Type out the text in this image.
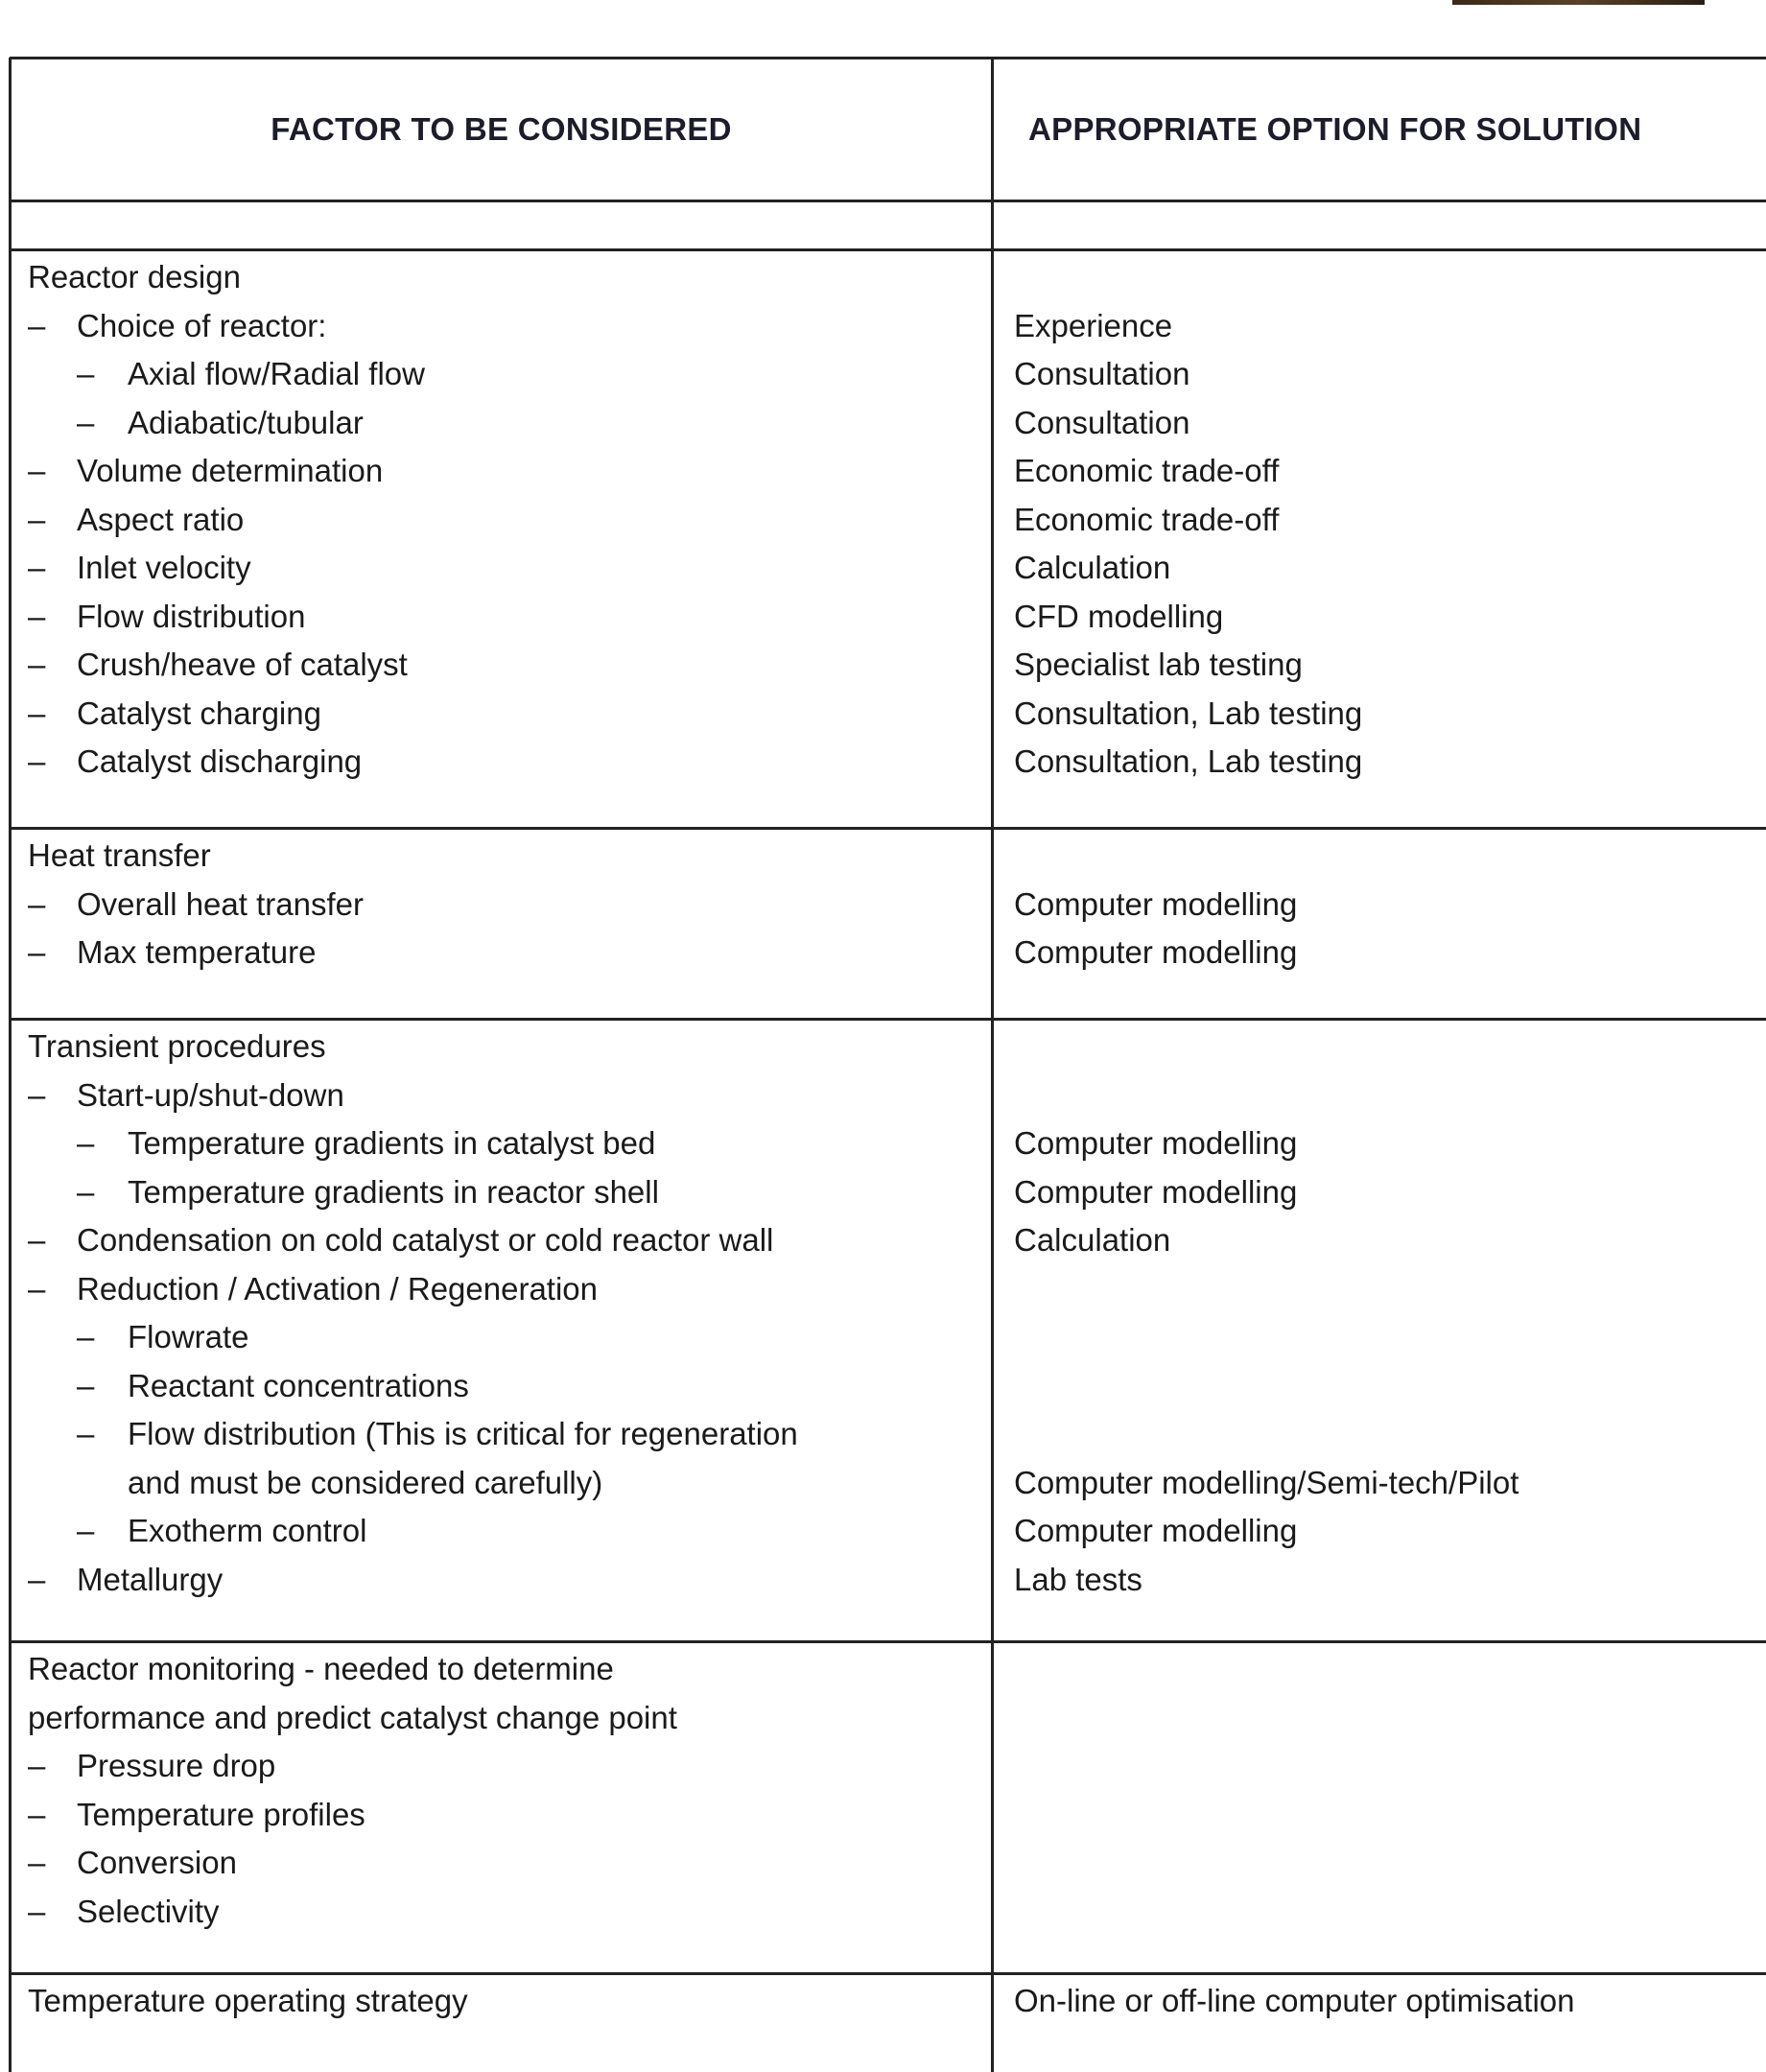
FACTOR TO BE CONSIDERED	APPROPRIATE OPTION FOR SOLUTION
Reactor design
– Choice of reactor:	Experience
– Axial flow/Radial flow	Consultation
– Adiabatic/tubular	Consultation
– Volume determination	Economic trade-off
– Aspect ratio	Economic trade-off
– Inlet velocity	Calculation
– Flow distribution	CFD modelling
– Crush/heave of catalyst	Specialist lab testing
– Catalyst charging	Consultation, Lab testing
– Catalyst discharging	Consultation, Lab testing
Heat transfer
– Overall heat transfer	Computer modelling
– Max temperature	Computer modelling
Transient procedures
– Start-up/shut-down
– Temperature gradients in catalyst bed	Computer modelling
– Temperature gradients in reactor shell	Computer modelling
– Condensation on cold catalyst or cold reactor wall	Calculation
– Reduction / Activation / Regeneration
– Flowrate
– Reactant concentrations
– Flow distribution (This is critical for regeneration
and must be considered carefully)	Computer modelling/Semi-tech/Pilot
– Exotherm control	Computer modelling
– Metallurgy	Lab tests
Reactor monitoring - needed to determine
performance and predict catalyst change point
– Pressure drop
– Temperature profiles
– Conversion
– Selectivity
Temperature operating strategy	On-line or off-line computer optimisation
